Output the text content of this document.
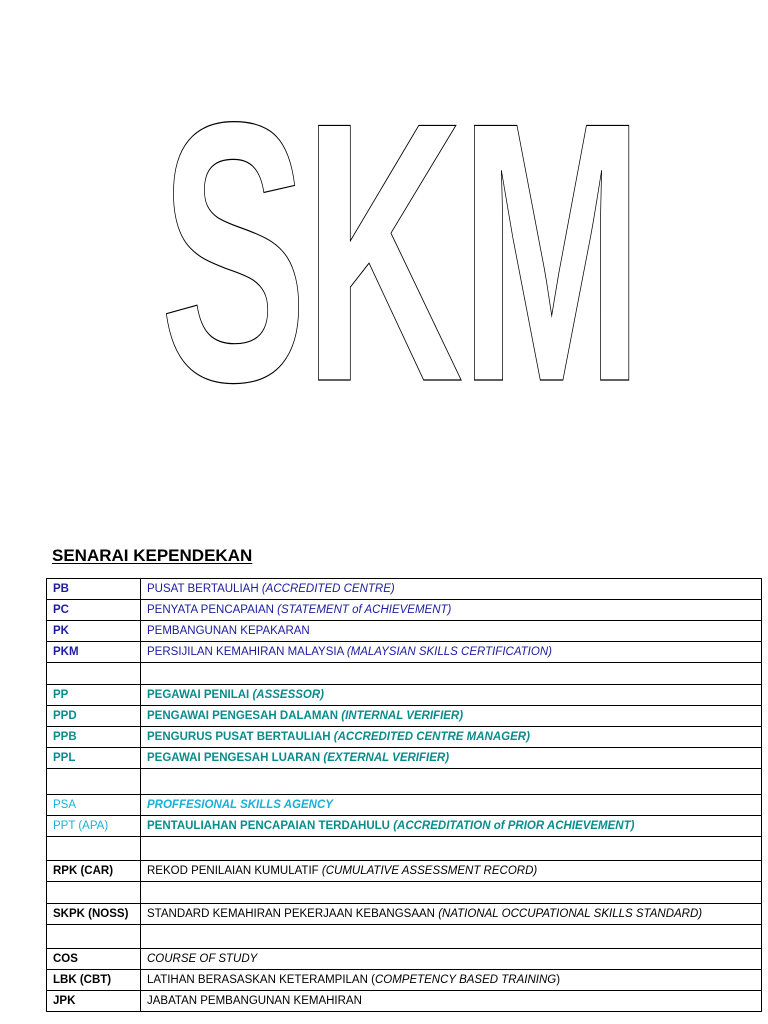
SKM
SENARAI KEPENDEKAN
PB	PUSAT BERTAULIAH (ACCREDITED CENTRE)
PC	PENYATA PENCAPAIAN (STATEMENT of ACHIEVEMENT)
PK	PEMBANGUNAN KEPAKARAN
PKM	PERSIJILAN KEMAHIRAN MALAYSIA (MALAYSIAN SKILLS CERTIFICATION)

PP	PEGAWAI PENILAI (ASSESSOR)
PPD	PENGAWAI PENGESAH DALAMAN (INTERNAL VERIFIER)
PPB	PENGURUS PUSAT BERTAULIAH (ACCREDITED CENTRE MANAGER)
PPL	PEGAWAI PENGESAH LUARAN (EXTERNAL VERIFIER)

PSA	PROFFESIONAL SKILLS AGENCY
PPT (APA)	PENTAULIAHAN PENCAPAIAN TERDAHULU (ACCREDITATION of PRIOR ACHIEVEMENT)

RPK (CAR)	REKOD PENILAIAN KUMULATIF (CUMULATIVE ASSESSMENT RECORD)

SKPK (NOSS)	STANDARD KEMAHIRAN PEKERJAAN KEBANGSAAN (NATIONAL OCCUPATIONAL SKILLS STANDARD)

COS	COURSE OF STUDY
LBK (CBT)	LATIHAN BERASASKAN KETERAMPILAN (COMPETENCY BASED TRAINING)
JPK	JABATAN PEMBANGUNAN KEMAHIRAN
